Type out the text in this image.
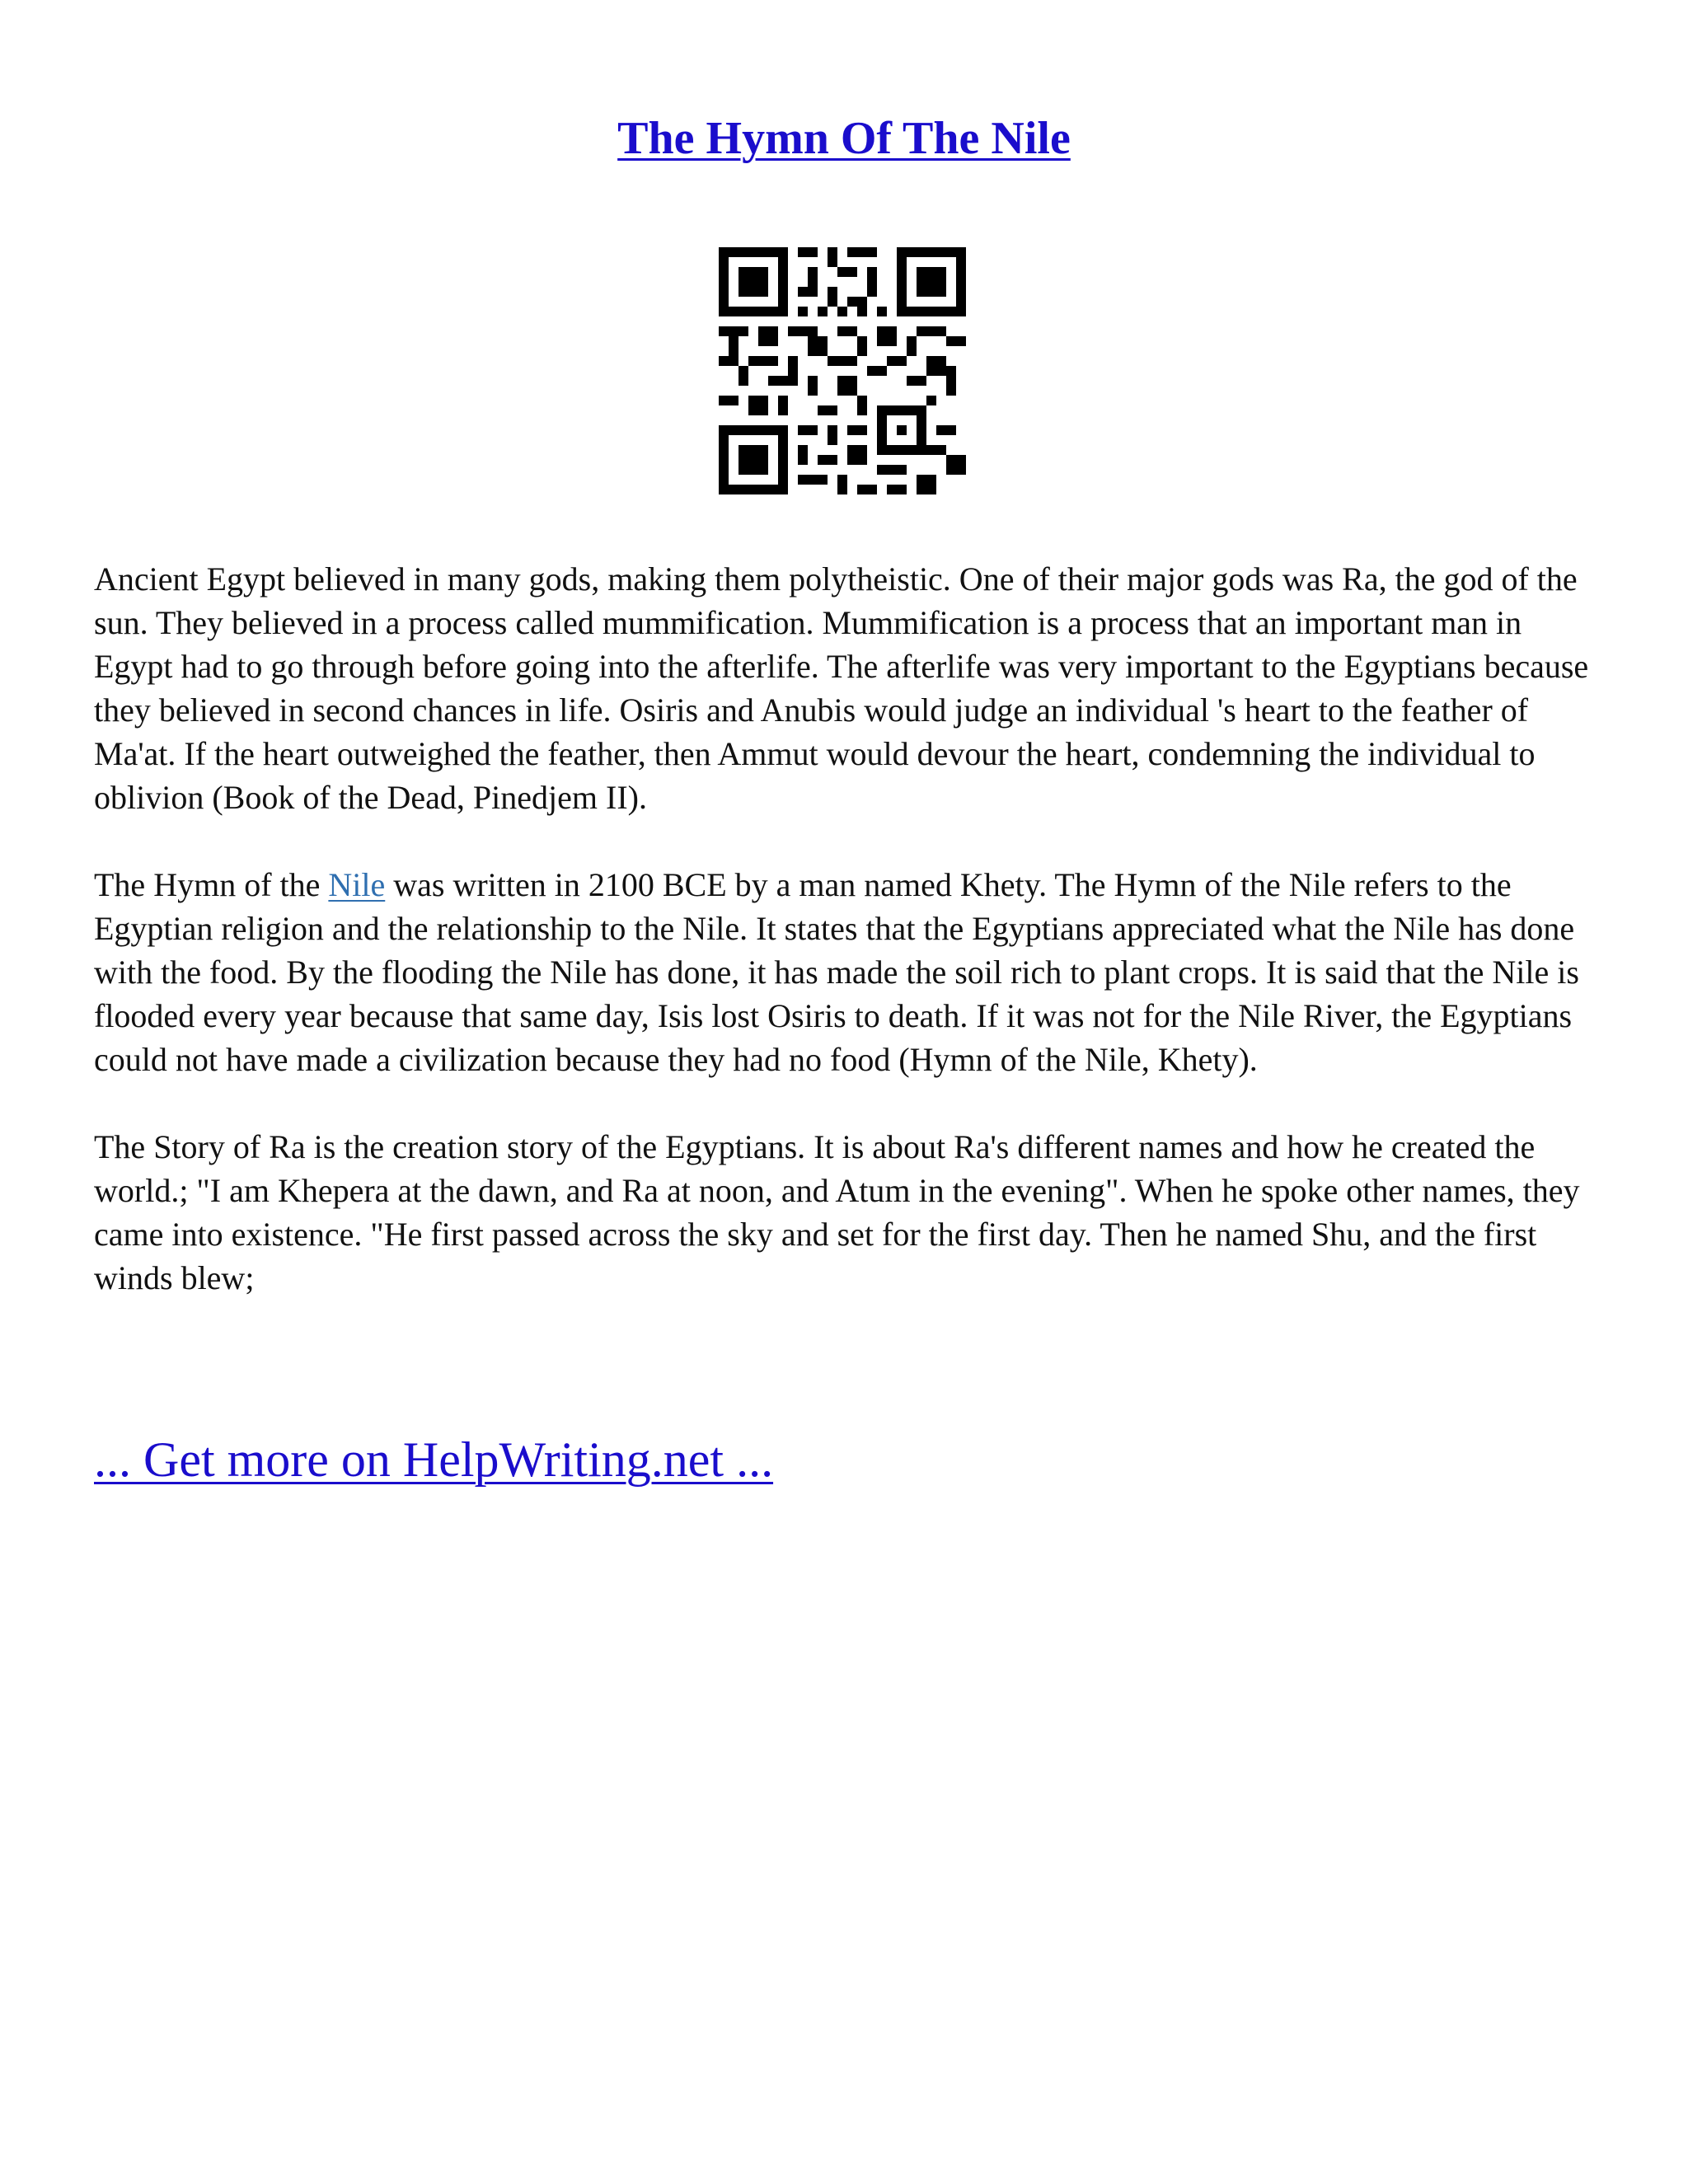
The Hymn Of The Nile

Ancient Egypt believed in many gods, making them polytheistic. One of their major gods was Ra, the god of the sun. They believed in a process called mummification. Mummification is a process that an important man in Egypt had to go through before going into the afterlife. The afterlife was very important to the Egyptians because they believed in second chances in life. Osiris and Anubis would judge an individual 's heart to the feather of Ma'at. If the heart outweighed the feather, then Ammut would devour the heart, condemning the individual to oblivion (Book of the Dead, Pinedjem II).

The Hymn of the Nile was written in 2100 BCE by a man named Khety. The Hymn of the Nile refers to the Egyptian religion and the relationship to the Nile. It states that the Egyptians appreciated what the Nile has done with the food. By the flooding the Nile has done, it has made the soil rich to plant crops. It is said that the Nile is flooded every year because that same day, Isis lost Osiris to death. If it was not for the Nile River, the Egyptians could not have made a civilization because they had no food (Hymn of the Nile, Khety).

The Story of Ra is the creation story of the Egyptians. It is about Ra's different names and how he created the world.; "I am Khepera at the dawn, and Ra at noon, and Atum in the evening". When he spoke other names, they came into existence. "He first passed across the sky and set for the first day. Then he named Shu, and the first winds blew;

... Get more on HelpWriting.net ...
